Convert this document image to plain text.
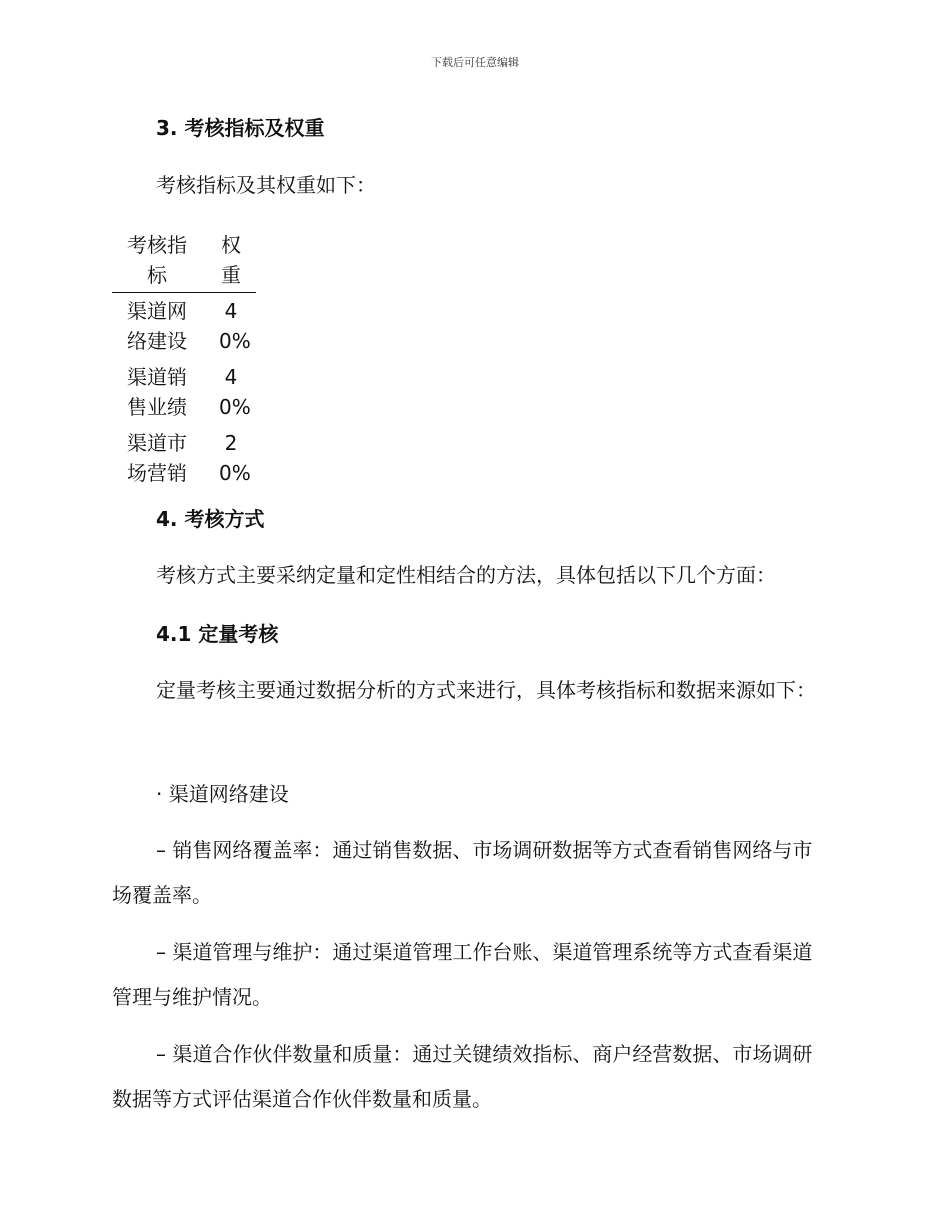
下载后可任意编辑
3. 考核指标及权重

考核指标及其权重如下：

考核指标	权重
渠道网络建设	40%
渠道销售业绩	40%
渠道市场营销	20%
4. 考核方式

考核方式主要采纳定量和定性相结合的方法，具体包括以下几个方面：

4.1 定量考核

定量考核主要通过数据分析的方式来进行，具体考核指标和数据来源如下：

· 渠道网络建设

– 销售网络覆盖率：通过销售数据、市场调研数据等方式查看销售网络与市场覆盖率。

– 渠道管理与维护：通过渠道管理工作台账、渠道管理系统等方式查看渠道管理与维护情况。

– 渠道合作伙伴数量和质量：通过关键绩效指标、商户经营数据、市场调研数据等方式评估渠道合作伙伴数量和质量。
